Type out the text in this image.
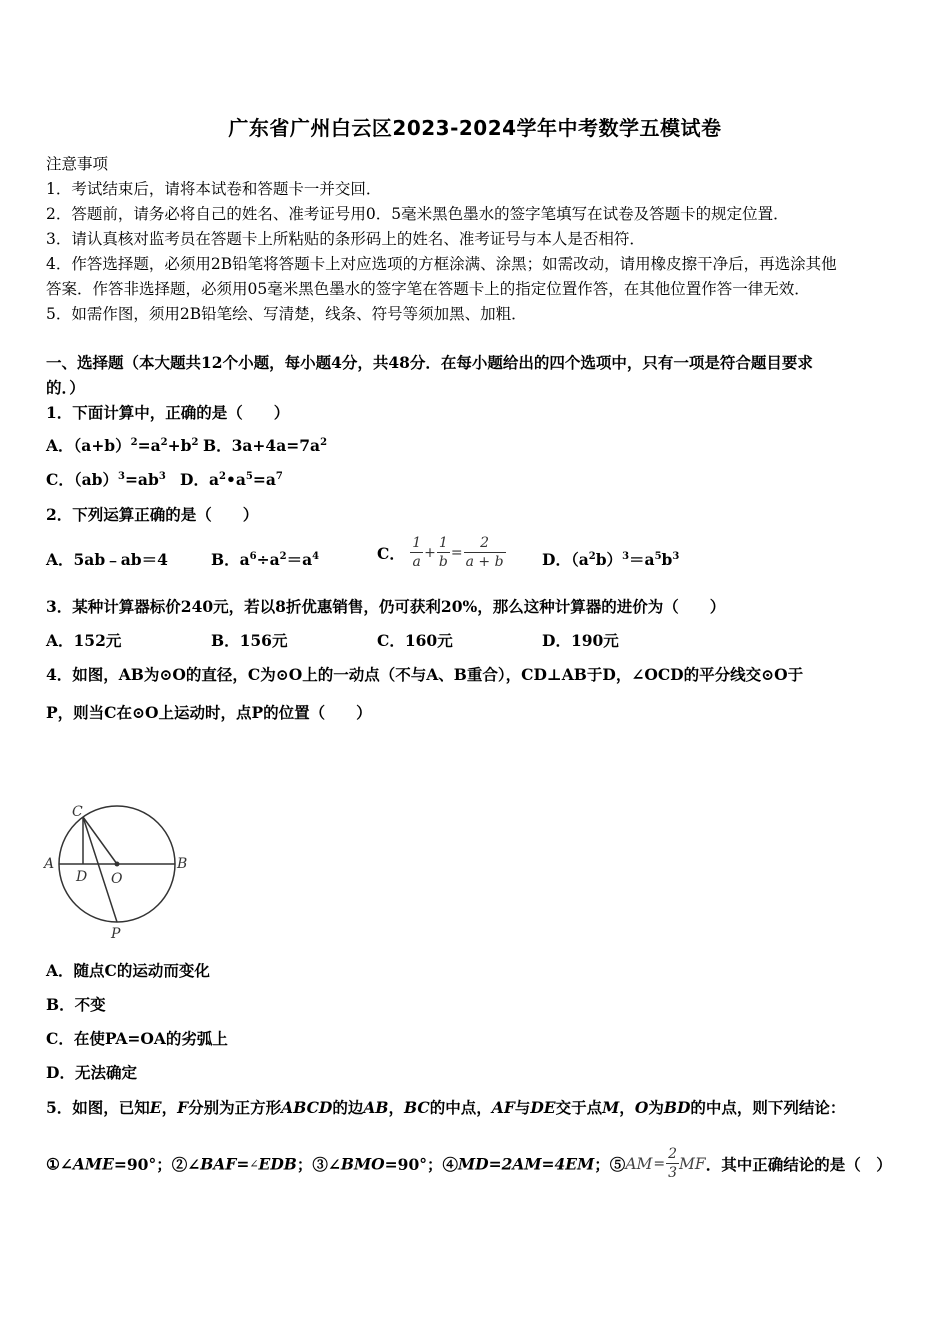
广东省广州白云区2023-2024学年中考数学五模试卷
注意事项
1．考试结束后，请将本试卷和答题卡一并交回．
2．答题前，请务必将自己的姓名、准考证号用0．5毫米黑色墨水的签字笔填写在试卷及答题卡的规定位置．
3．请认真核对监考员在答题卡上所粘贴的条形码上的姓名、准考证号与本人是否相符．
4．作答选择题，必须用2B铅笔将答题卡上对应选项的方框涂满、涂黑；如需改动，请用橡皮擦干净后，再选涂其他
答案．作答非选择题，必须用05毫米黑色墨水的签字笔在答题卡上的指定位置作答，在其他位置作答一律无效．
5．如需作图，须用2B铅笔绘、写清楚，线条、符号等须加黑、加粗．
一、选择题（本大题共12个小题，每小题4分，共48分．在每小题给出的四个选项中，只有一项是符合题目要求
的．）
1．下面计算中，正确的是（　　）
A．$(a+b)^2=a^2+b^2$ B．$3a+4a=7a^2$
C．$(ab)^3=ab^3$ D．$a^2•a^5=a^7$
2．下列运算正确的是（　　）
A．5ab﹣ab＝4	B．$a^6\div a^2=a^4$	C． $\frac{1}{a} + \frac{1}{b} = \frac{2}{a + b}$ D．$(a^2b)^3=a^5b^3$
3．某种计算器标价240元，若以8折优惠销售，仍可获利20%，那么这种计算器的进价为（　　）
A．152元	B．156元	C．160元	D．190元
4．如图，AB为⊙O的直径，C为⊙O上的一动点（不与A、B重合），CD⊥AB于D，∠OCD的平分线交⊙O于
P，则当C在⊙O上运动时，点P的位置（　　）
C
A	B
D O
P
A．随点C的运动而变化
B．不变
C．在使PA=OA的劣弧上
D．无法确定
5．如图，已知E，F分别为正方形ABCD的边AB，BC的中点，AF与DE交于点M，O为BD的中点，则下列结论：
①∠AME=90°；②∠BAF=∠EDB；③∠BMO=90°；④MD=2AM=4EM；⑤AM= $\frac{2}{3}$ MF．其中正确结论的是（　）
